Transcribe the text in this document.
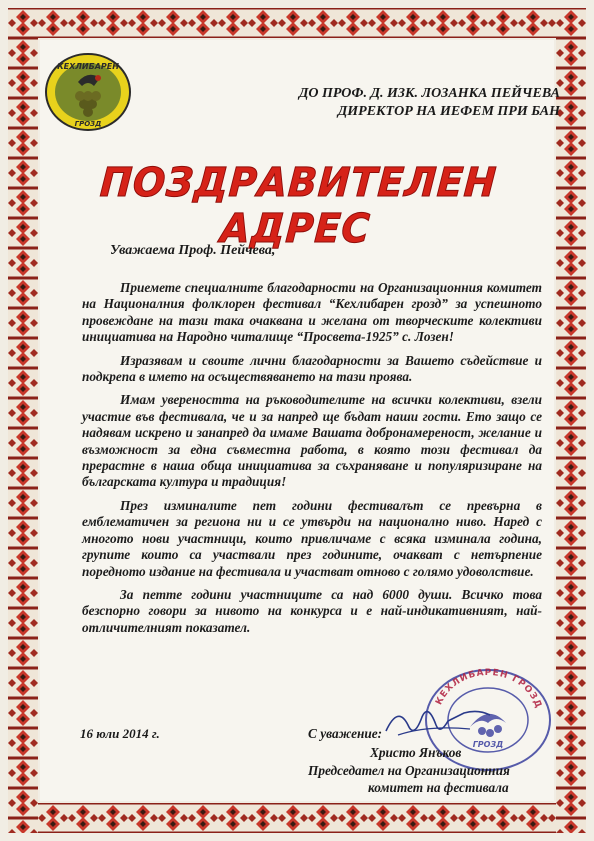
КЕХЛИБАРЕН
ГРОЗД
ДО ПРОФ. Д. ИЗК. ЛОЗАНКА ПЕЙЧЕВА
ДИРЕКТОР НА ИЕФЕМ ПРИ БАН
ПОЗДРАВИТЕЛЕН АДРЕС
Уважаема Проф. Пейчева,

Приемете специалните благодарности на Организационния комитет на Националния фолклорен фестивал “Кехлибарен грозд” за успешното провеждане на тази така очаквана и желана от творческите колективи инициатива на Народно читалище “Просвета-1925” с. Лозен!

Изразявам и своите лични благодарности за Вашето съдействие и подкрепа в името на осъществяването на тази проява.

Имам увереността на ръководителите на всички колективи, взели участие във фестивала, че и за напред ще бъдат наши гости. Ето защо се надявам искрено и занапред да имаме Вашата добронамереност, желание и възможност за една съвместна работа, в която този фестивал да прерастне в наша обща инициатива за съхраняване и популяризиране на българската култура и традиция!

През изминалите пет години фестивалът се превърна в емблематичен за региона ни и се утвърди на национално ниво. Наред с многото нови участници, които привличаме с всяка изминала година, групите които са участвали през годините, очакват с нетърпение поредното издание на фестивала и участват отново с голямо удоволствие.

За петте години участниците са над 6000 души. Всичко това безспорно говори за нивото на конкурса и е най-индикативният, най-отличителният показател.

16 юли 2014 г.
КЕХЛИБАРЕН ГРОЗД
ГРОЗД
С уважение:
Христо Янъков
Председател на Организационния
комитет на фестивала
